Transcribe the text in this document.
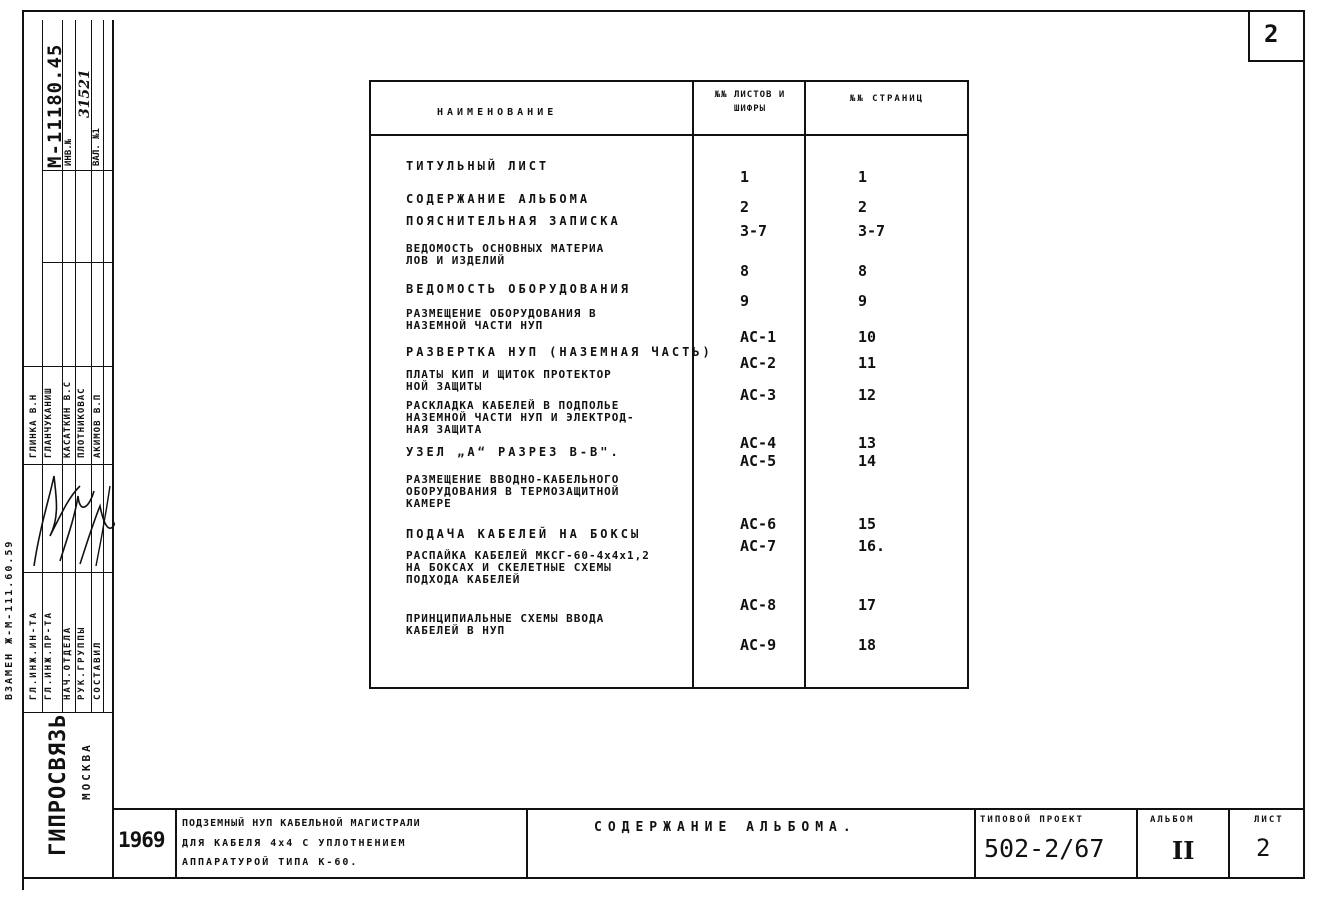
2
М-11180.45
ИНВ.№
31521
ВАЛ. №1
ГЛ.ИНЖ.ИН-ТА ГЛ.ИНЖ.ПР-ТА НАЧ.ОТДЕЛА РУК.ГРУППЫ СОСТАВИЛ
ГЛИНКА В.Н ГЛАНЧУКАНИШ КАСАТКИН В.С ПЛОТНИКОВАС АКИМОВ В.П
ВЗАМЕН Ж-М-111.60.59
ГИПРОСВЯЗЬ МОСКВА
НАИМЕНОВАНИЕ
№№ ЛИСТОВ И ШИФРЫ
№№ СТРАНИЦ
ТИТУЛЬНЫЙ ЛИСТ
1	1
СОДЕРЖАНИЕ АЛЬБОМА	2	2
ПОЯСНИТЕЛЬНАЯ ЗАПИСКА
3-7	3-7
ВЕДОМОСТЬ ОСНОВНЫХ МАТЕРИА
ЛОВ И ИЗДЕЛИЙ
8	8
ВЕДОМОСТЬ ОБОРУДОВАНИЯ
9	9
РАЗМЕЩЕНИЕ ОБОРУДОВАНИЯ В
НАЗЕМНОЙ ЧАСТИ НУП
АС-1	10
РАЗВЕРТКА НУП (НАЗЕМНАЯ ЧАСТЬ)
АС-2	11
ПЛАТЫ КИП И ЩИТОК ПРОТЕКТОР
НОЙ ЗАЩИТЫ	АС-3	12
РАСКЛАДКА КАБЕЛЕЙ В ПОДПОЛЬЕ
НАЗЕМНОЙ ЧАСТИ НУП И ЭЛЕКТРОД-
НАЯ ЗАЩИТА
АС-4	13
УЗЕЛ „А“ РАЗРЕЗ В-В".	АС-5	14
РАЗМЕЩЕНИЕ ВВОДНО-КАБЕЛЬНОГО
ОБОРУДОВАНИЯ В ТЕРМОЗАЩИТНОЙ
КАМЕРЕ
АС-6	15
ПОДАЧА КАБЕЛЕЙ НА БОКСЫ
АС-7	16.
РАСПАЙКА КАБЕЛЕЙ МКСГ-60-4х4х1,2
НА БОКСАХ И СКЕЛЕТНЫЕ СХЕМЫ
ПОДХОДА КАБЕЛЕЙ
АС-8	17
ПРИНЦИПИАЛЬНЫЕ СХЕМЫ ВВОДА
КАБЕЛЕЙ В НУП
АС-9	18
1969
ПОДЗЕМНЫЙ НУП КАБЕЛЬНОЙ МАГИСТРАЛИ
ДЛЯ КАБЕЛЯ 4х4 С УПЛОТНЕНИЕМ
АППАРАТУРОЙ ТИПА К-60.
СОДЕРЖАНИЕ АЛЬБОМА.	ТИПОВОЙ ПРОЕКТ
502-2/67
АЛЬБОМ
II
ЛИСТ
2
